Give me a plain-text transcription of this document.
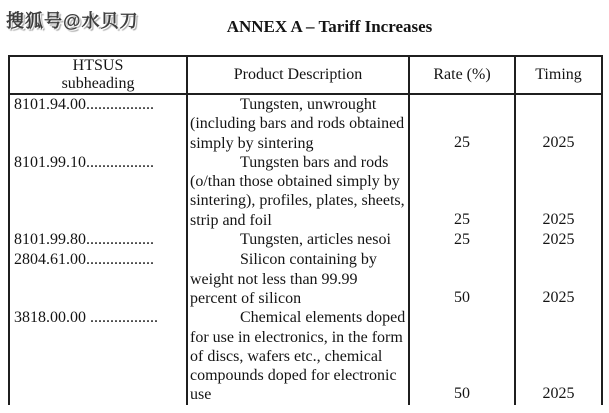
搜狐号@水贝刀	ANNEX A – Tariff Increases
HTSUS
subheading	Product Description	Rate (%)	Timing
8101.94.00.................	Tungsten, unwrought (including bars and rods obtained simply by sintering	25	2025
8101.99.10.................	Tungsten bars and rods (o/than those obtained simply by sintering), profiles, plates, sheets, strip and foil	25	2025
8101.99.80.................	Tungsten, articles nesoi	25	2025
2804.61.00.................	Silicon containing by weight not less than 99.99 percent of silicon	50	2025
3818.00.00 .................	Chemical elements doped for use in electronics, in the form of discs, wafers etc., chemical compounds doped for electronic use	50	2025
